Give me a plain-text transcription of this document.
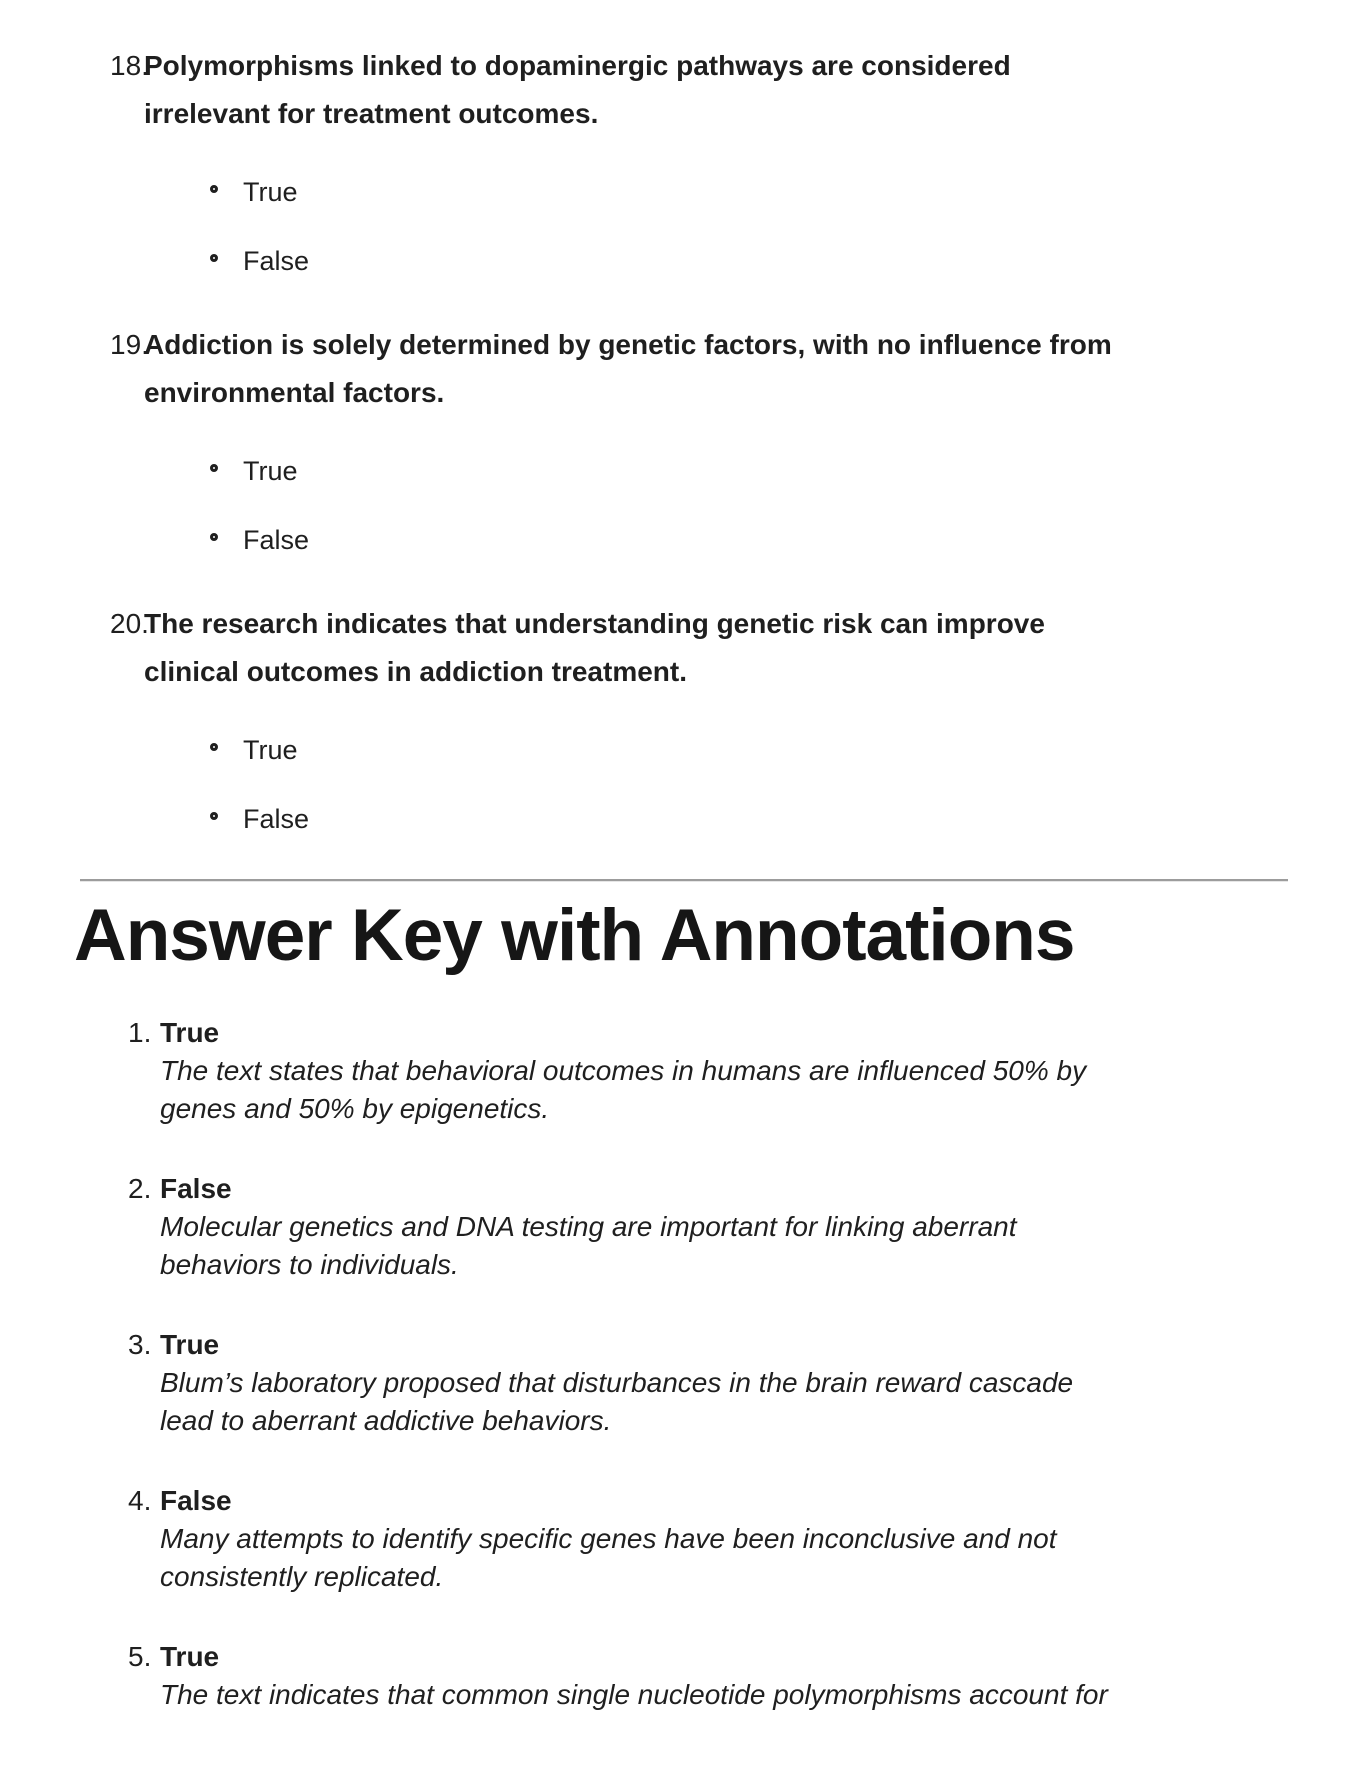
18.
Polymorphisms linked to dopaminergic pathways are considered irrelevant for treatment outcomes.
True
False
19.
Addiction is solely determined by genetic factors, with no influence from environmental factors.
True
False
20.
The research indicates that understanding genetic risk can improve clinical outcomes in addiction treatment.
True
False
Answer Key with Annotations
1. True
The text states that behavioral outcomes in humans are influenced 50% by genes and 50% by epigenetics.
2. False
Molecular genetics and DNA testing are important for linking aberrant behaviors to individuals.
3. True
Blum’s laboratory proposed that disturbances in the brain reward cascade lead to aberrant addictive behaviors.
4. False
Many attempts to identify specific genes have been inconclusive and not consistently replicated.
5. True
The text indicates that common single nucleotide polymorphisms account for
